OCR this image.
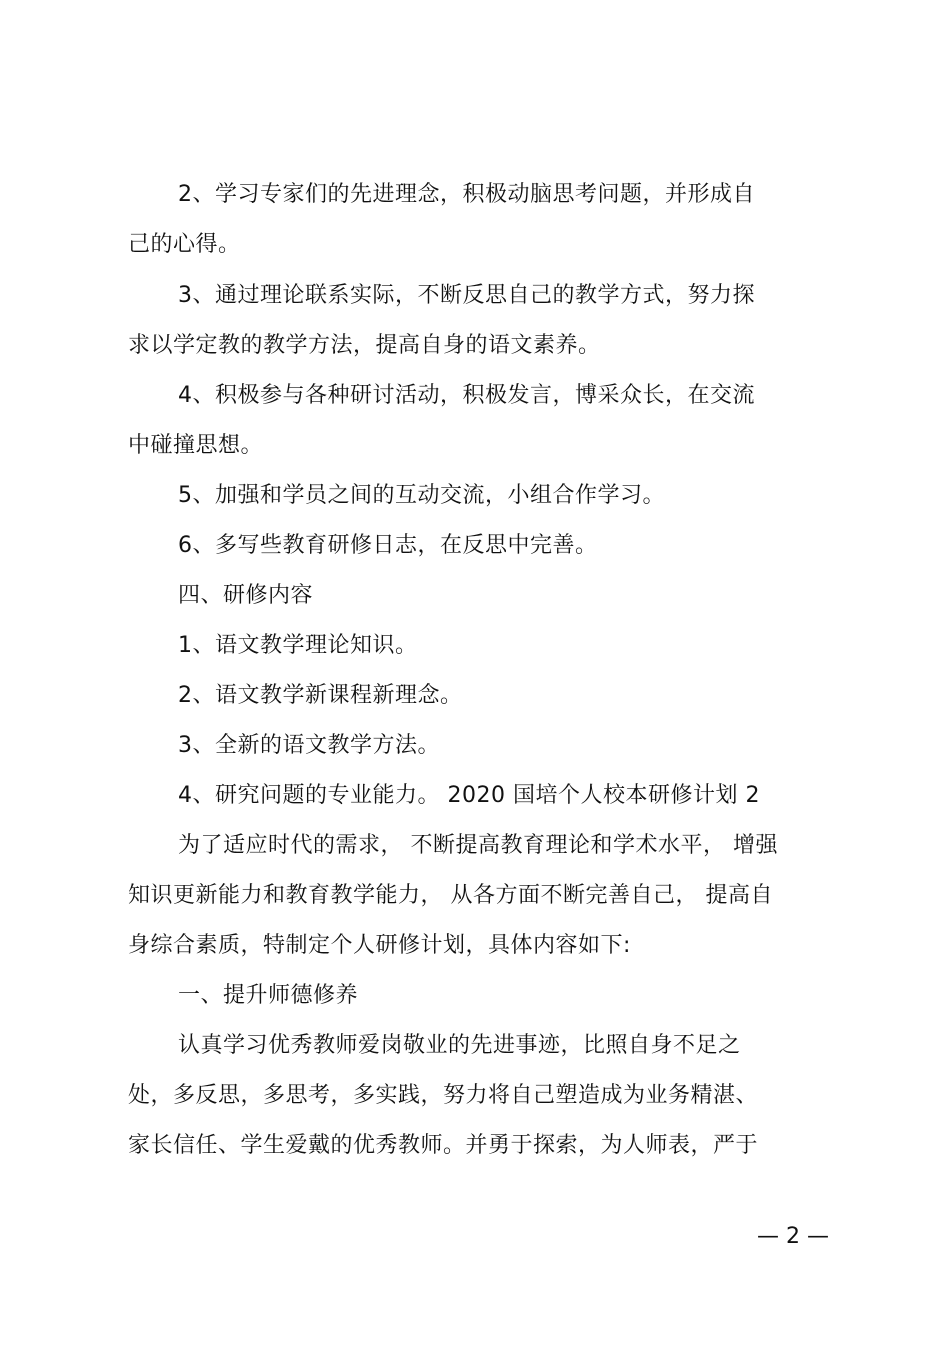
2、学习专家们的先进理念，积极动脑思考问题，并形成自
己的心得。
3、通过理论联系实际，不断反思自己的教学方式，努力探
求以学定教的教学方法，提高自身的语文素养。
4、积极参与各种研讨活动，积极发言，博采众长，在交流
中碰撞思想。
5、加强和学员之间的互动交流，小组合作学习。
6、多写些教育研修日志，在反思中完善。
四、研修内容
1、语文教学理论知识。
2、语文教学新课程新理念。
3、全新的语文教学方法。
4、研究问题的专业能力。 2020 国培个人校本研修计划 2
为了适应时代的需求， 不断提高教育理论和学术水平， 增强
知识更新能力和教育教学能力， 从各方面不断完善自己， 提高自
身综合素质，特制定个人研修计划，具体内容如下:
一、提升师德修养
认真学习优秀教师爱岗敬业的先进事迹，比照自身不足之
处，多反思，多思考，多实践，努力将自己塑造成为业务精湛、
家长信任、学生爱戴的优秀教师。并勇于探索，为人师表，严于
— 2 —
